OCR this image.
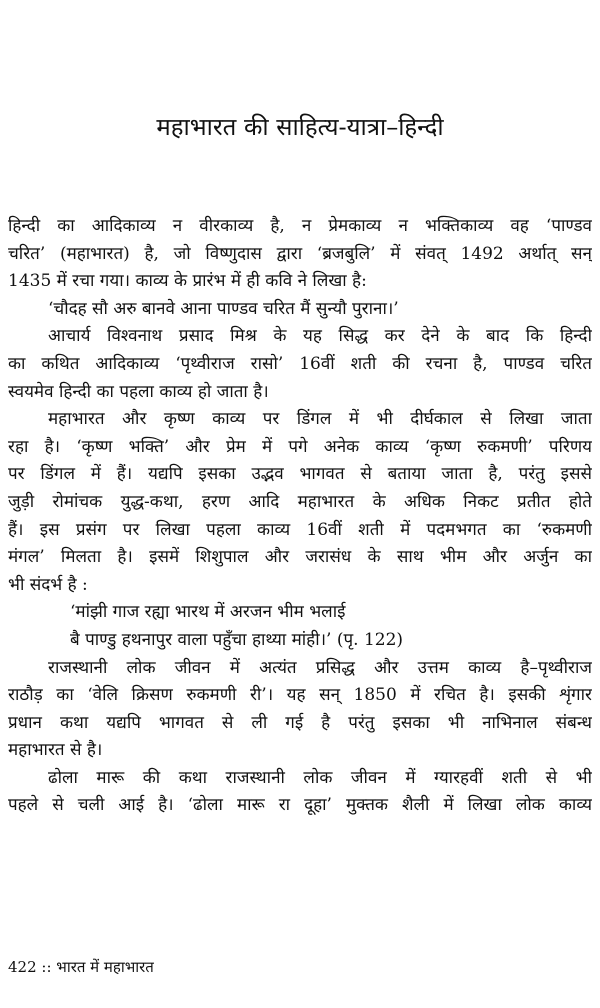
महाभारत की साहित्य-यात्रा–हिन्दी
हिन्दी का आदिकाव्य न वीरकाव्य है, न प्रेमकाव्य न भक्तिकाव्य वह ‘पाण्डव
चरित’ (महाभारत) है, जो विष्णुदास द्वारा ‘ब्रजबुलि’ में संवत् 1492 अर्थात् सन्
1435 में रचा गया। काव्य के प्रारंभ में ही कवि ने लिखा है:
‘चौदह सौ अरु बानवे आना पाण्डव चरित मैं सुन्यौ पुराना।’
आचार्य विश्वनाथ प्रसाद मिश्र के यह सिद्ध कर देने के बाद कि हिन्दी
का कथित आदिकाव्य ‘पृथ्वीराज रासो’ 16वीं शती की रचना है, पाण्डव चरित
स्वयमेव हिन्दी का पहला काव्य हो जाता है।
महाभारत और कृष्ण काव्य पर डिंगल में भी दीर्घकाल से लिखा जाता
रहा है। ‘कृष्ण भक्ति’ और प्रेम में पगे अनेक काव्य ‘कृष्ण रुकमणी’ परिणय
पर डिंगल में हैं। यद्यपि इसका उद्भव भागवत से बताया जाता है, परंतु इससे
जुड़ी रोमांचक युद्ध-कथा, हरण आदि महाभारत के अधिक निकट प्रतीत होते
हैं। इस प्रसंग पर लिखा पहला काव्य 16वीं शती में पदमभगत का ‘रुकमणी
मंगल’ मिलता है। इसमें शिशुपाल और जरासंध के साथ भीम और अर्जुन का
भी संदर्भ है :
‘मांझी गाज रह्या भारथ में अरजन भीम भलाई
बै पाण्डु हथनापुर वाला पहुँचा हाथ्या मांही।’ (पृ. 122)
राजस्थानी लोक जीवन में अत्यंत प्रसिद्ध और उत्तम काव्य है–पृथ्वीराज
राठौड़ का ‘वेलि क्रिसण रुकमणी री’। यह सन् 1850 में रचित है। इसकी शृंगार
प्रधान कथा यद्यपि भागवत से ली गई है परंतु इसका भी नाभिनाल संबन्ध
महाभारत से है।
ढोला मारू की कथा राजस्थानी लोक जीवन में ग्यारहवीं शती से भी
पहले से चली आई है। ‘ढोला मारू रा दूहा’ मुक्तक शैली में लिखा लोक काव्य
422 :: भारत में महाभारत
